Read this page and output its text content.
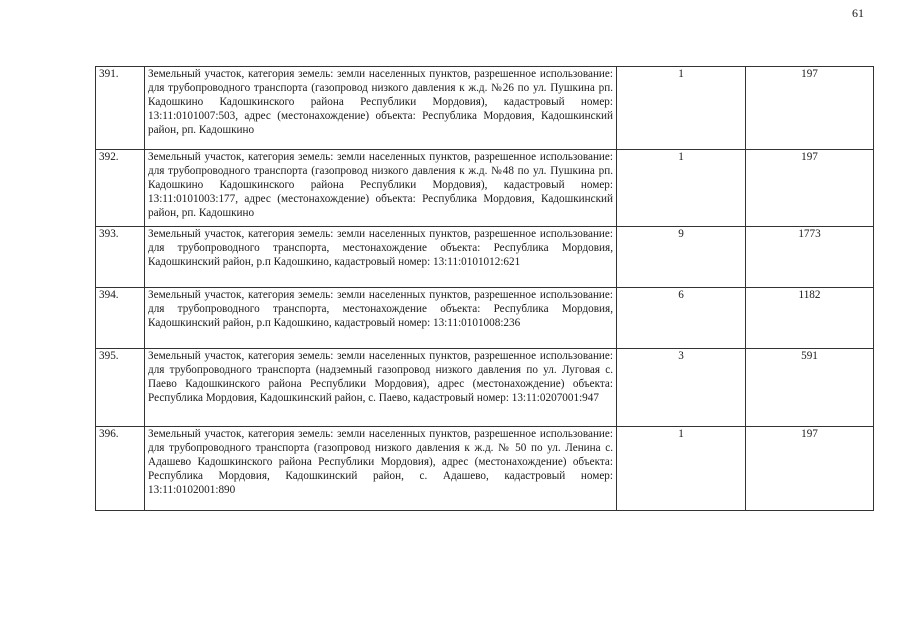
61
391.	Земельный участок, категория земель: земли населенных пунктов, разрешенное использование: для трубопроводного транспорта (газопровод низкого давления к ж.д. №26 по ул. Пушкина рп. Кадошкино Кадошкинского района Республики Мордовия), кадастровый номер: 13:11:0101007:503, адрес (местонахождение) объекта: Республика Мордовия, Кадошкинский район, рп. Кадошкино	1	197
392.	Земельный участок, категория земель: земли населенных пунктов, разрешенное использование: для трубопроводного транспорта (газопровод низкого давления к ж.д. №48 по ул. Пушкина рп. Кадошкино Кадошкинского района Республики Мордовия), кадастровый номер: 13:11:0101003:177, адрес (местонахождение) объекта: Республика Мордовия, Кадошкинский район, рп. Кадошкино	1	197
393.	Земельный участок, категория земель: земли населенных пунктов, разрешенное использование: для трубопроводного транспорта, местонахождение объекта: Республика Мордовия, Кадошкинский район, р.п Кадошкино, кадастровый номер: 13:11:0101012:621	9	1773
394.	Земельный участок, категория земель: земли населенных пунктов, разрешенное использование: для трубопроводного транспорта, местонахождение объекта: Республика Мордовия, Кадошкинский район, р.п Кадошкино, кадастровый номер: 13:11:0101008:236	6	1182
395.	Земельный участок, категория земель: земли населенных пунктов, разрешенное использование: для трубопроводного транспорта (надземный газопровод низкого давления по ул. Луговая с. Паево Кадошкинского района Республики Мордовия), адрес (местонахождение) объекта: Республика Мордовия, Кадошкинский район, с. Паево, кадастровый номер: 13:11:0207001:947	3	591
396.	Земельный участок, категория земель: земли населенных пунктов, разрешенное использование: для трубопроводного транспорта (газопровод низкого давления к ж.д. № 50 по ул. Ленина с. Адашево Кадошкинского района Республики Мордовия), адрес (местонахождение) объекта: Республика Мордовия, Кадошкинский район, с. Адашево, кадастровый номер: 13:11:0102001:890	1	197
